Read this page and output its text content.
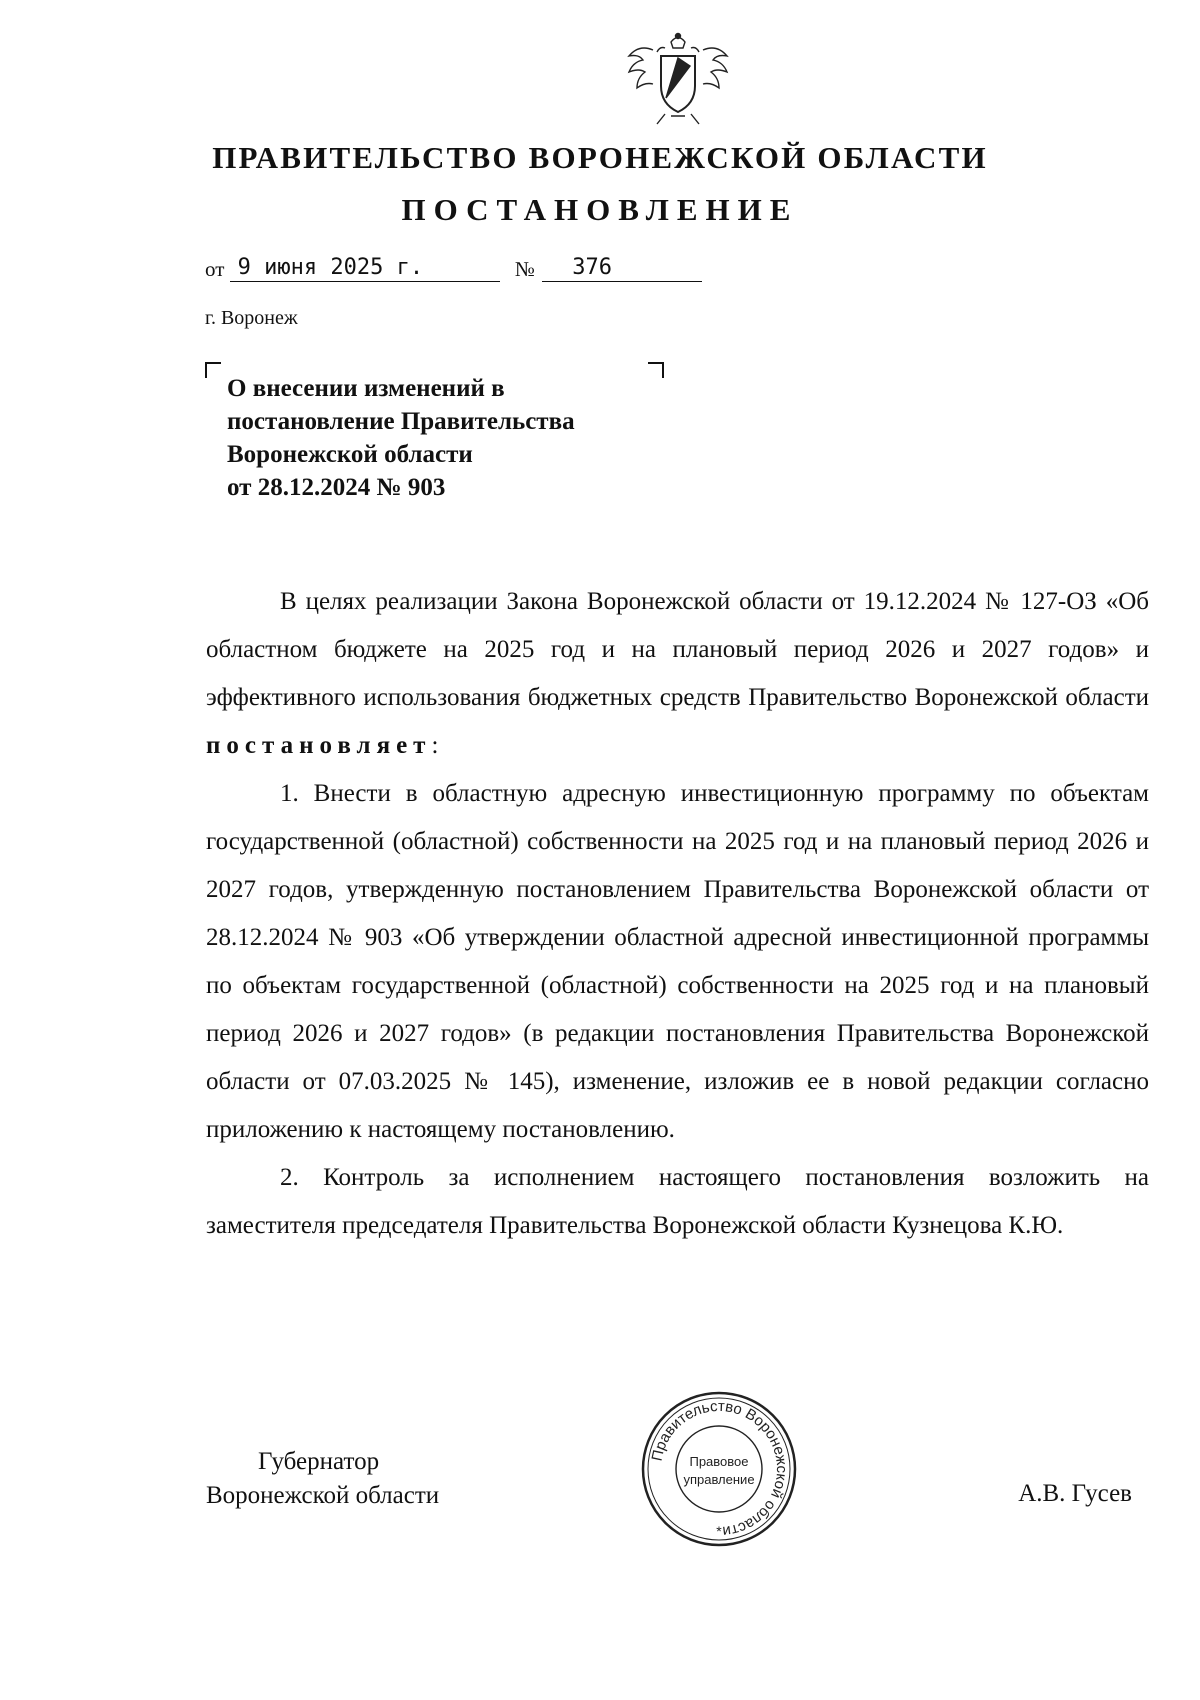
ПРАВИТЕЛЬСТВО ВОРОНЕЖСКОЙ ОБЛАСТИ
ПОСТАНОВЛЕНИЕ
от 9 июня 2025 г.	№ 376
г. Воронеж
О внесении изменений в
постановление Правительства
Воронежской области
от 28.12.2024 № 903

В целях реализации Закона Воронежской области от 19.12.2024 № 127-ОЗ «Об областном бюджете на 2025 год и на плановый период 2026 и 2027 годов» и эффективного использования бюджетных средств Правительство Воронежской области постановляет:

1. Внести в областную адресную инвестиционную программу по объектам государственной (областной) собственности на 2025 год и на плановый период 2026 и 2027 годов, утвержденную постановлением Правительства Воронежской области от 28.12.2024 № 903 «Об утверждении областной адресной инвестиционной программы по объектам государственной (областной) собственности на 2025 год и на плановый период 2026 и 2027 годов» (в редакции постановления Правительства Воронежской области от 07.03.2025 № 145), изменение, изложив ее в новой редакции согласно приложению к настоящему постановлению.

2. Контроль за исполнением настоящего постановления возложить на заместителя председателя Правительства Воронежской области Кузнецова К.Ю.

Губернатор
Воронежской области	А.В. Гусев
Правительство Воронежской области
Правовое
управление
*
